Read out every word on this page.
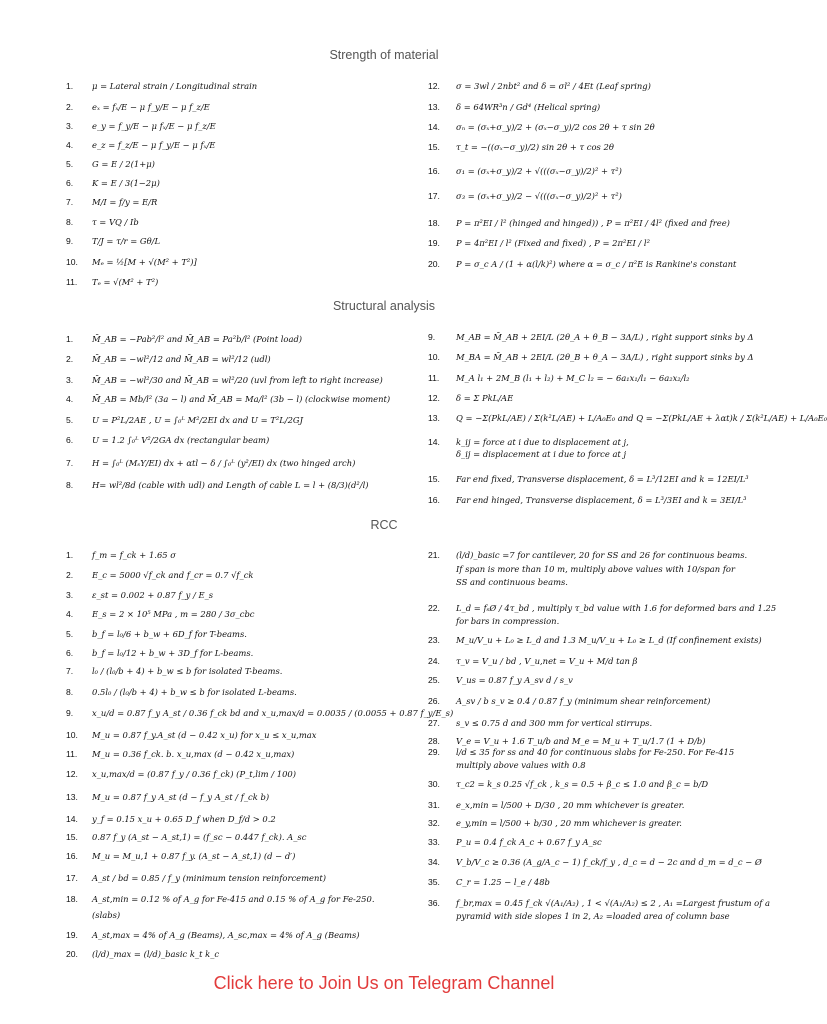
Strength of material
1.	μ = Lateral strain / Longitudinal strain
2.	eₓ = fₓ/E − μ f_y/E − μ f_z/E
3.	e_y = f_y/E − μ fₓ/E − μ f_z/E
4.	e_z = f_z/E − μ f_y/E − μ fₓ/E
5.	G = E / 2(1+μ)
6.	K = E / 3(1−2μ)
7.	M/I = f/y = E/R
8.	τ = VQ / Ib
9.	T/J = τ/r = Gθ/L
10.	Mₑ = ½[M + √(M² + T²)]
11.	Tₑ = √(M² + T²)
12.	σ = 3wl / 2nbt² and δ = σl² / 4Et (Leaf spring)
13.	δ = 64WR³n / Gd⁴ (Helical spring)
14.	σₙ = (σₓ+σ_y)/2 + (σₓ−σ_y)/2 cos 2θ + τ sin 2θ
15.	τ_t = −((σₓ−σ_y)/2) sin 2θ + τ cos 2θ
16.	σ₁ = (σₓ+σ_y)/2 + √(((σₓ−σ_y)/2)² + τ²)
17.	σ₃ = (σₓ+σ_y)/2 − √(((σₓ−σ_y)/2)² + τ²)
18.	P = π²EI / l² (hinged and hinged)) , P = π²EI / 4l² (fixed and free)
19.	P = 4π²EI / l² (Fixed and fixed) , P = 2π²EI / l²
20.	P = σ_c A / (1 + α(l/k)²) where α = σ_c / π²E is Rankine's constant
Structural analysis
1.	M̄_AB = −Pab²/l² and M̄_AB = Pa²b/l² (Point load)
2.	M̄_AB = −wl²/12 and M̄_AB = wl²/12 (udl)
3.	M̄_AB = −wl²/30 and M̄_AB = wl²/20 (uvl from left to right increase)
4.	M̄_AB = Mb/l² (3a − l) and M̄_AB = Ma/l² (3b − l) (clockwise moment)
5.	U = P²L/2AE , U = ∫₀ᴸ M²/2EI dx and U = T²L/2GJ
6.	U = 1.2 ∫₀ᴸ V²/2GA dx (rectangular beam)
7.	H = ∫₀ᴸ (MₛY/EI) dx + αtl − δ / ∫₀ᴸ (y²/EI) dx (two hinged arch)
8.	H= wl²/8d (cable with udl) and Length of cable L = l + (8/3)(d²/l)
9.	M_AB = M̄_AB + 2EI/L (2θ_A + θ_B − 3Δ/L) , right support sinks by Δ
10.	M_BA = M̄_AB + 2EI/L (2θ_B + θ_A − 3Δ/L) , right support sinks by Δ
11.	M_A l₁ + 2M_B (l₁ + l₂) + M_C l₂ = − 6a₁x₁/l₁ − 6a₂x₂/l₂
12.	δ = Σ PkL/AE
13.	Q = −Σ(PkL/AE) / Σ(k²L/AE) + L/A₀E₀ and Q = −Σ(PkL/AE + λαt)k / Σ(k²L/AE) + L/A₀E₀
14.	k_ij = force at i due to displacement at j,
δ_ij = displacement at i due to force at j
15.	Far end fixed, Transverse displacement, δ = L³/12EI and k = 12EI/L³
16.	Far end hinged, Transverse displacement, δ = L³/3EI and k = 3EI/L³
RCC
1.	f_m = f_ck + 1.65 σ
2.	E_c = 5000 √f_ck and f_cr = 0.7 √f_ck
3.	ε_st = 0.002 + 0.87 f_y / E_s
4.	E_s = 2 × 10⁵ MPa , m = 280 / 3σ_cbc
5.	b_f = l₀/6 + b_w + 6D_f for T-beams.
6.	b_f = l₀/12 + b_w + 3D_f for L-beams.
7.	l₀ / (l₀/b + 4) + b_w ≤ b for isolated T-beams.
8.	0.5l₀ / (l₀/b + 4) + b_w ≤ b for isolated L-beams.
9.	x_u/d = 0.87 f_y A_st / 0.36 f_ck bd and x_u,max/d = 0.0035 / (0.0055 + 0.87 f_y/E_s)
10.	M_u = 0.87 f_y.A_st (d − 0.42 x_u) for x_u ≤ x_u,max
11.	M_u = 0.36 f_ck. b. x_u,max (d − 0.42 x_u,max)
12.	x_u,max/d = (0.87 f_y / 0.36 f_ck) (P_t,lim / 100)
13.	M_u = 0.87 f_y A_st (d − f_y A_st / f_ck b)
14.	y_f = 0.15 x_u + 0.65 D_f when D_f/d > 0.2
15.	0.87 f_y (A_st − A_st,1) = (f_sc − 0.447 f_ck). A_sc
16.	M_u = M_u,1 + 0.87 f_y. (A_st − A_st,1) (d − d′)
17.	A_st / bd = 0.85 / f_y (minimum tension reinforcement)
18.	A_st,min = 0.12 % of A_g for Fe-415 and 0.15 % of A_g for Fe-250.
(slabs)
19.	A_st,max = 4% of A_g (Beams), A_sc,max = 4% of A_g (Beams)
20.	(l/d)_max = (l/d)_basic k_t k_c
21.	(l/d)_basic =7 for cantilever, 20 for SS and 26 for continuous beams.
If span is more than 10 m, multiply above values with 10/span for
SS and continuous beams.
22.	L_d = fₛØ / 4τ_bd , multiply τ_bd value with 1.6 for deformed bars and 1.25
for bars in compression.
23.	M_u/V_u + L₀ ≥ L_d and 1.3 M_u/V_u + L₀ ≥ L_d (If confinement exists)
24.	τ_v = V_u / bd , V_u,net = V_u + M/d tan β
25.	V_us = 0.87 f_y A_sv d / s_v
26.	A_sv / b s_v ≥ 0.4 / 0.87 f_y (minimum shear reinforcement)
27.	s_v ≤ 0.75 d and 300 mm for vertical stirrups.
28.	V_e = V_u + 1.6 T_u/b and M_e = M_u + T_u/1.7 (1 + D/b)
29.	l/d ≤ 35 for ss and 40 for continuous slabs for Fe-250. For Fe-415
multiply above values with 0.8
30.	τ_c2 = k_s 0.25 √f_ck , k_s = 0.5 + β_c ≤ 1.0 and β_c = b/D
31.	e_x,min = l/500 + D/30 , 20 mm whichever is greater.
32.	e_y,min = l/500 + b/30 , 20 mm whichever is greater.
33.	P_u = 0.4 f_ck A_c + 0.67 f_y A_sc
34.	V_b/V_c ≥ 0.36 (A_g/A_c − 1) f_ck/f_y , d_c = d − 2c and d_m = d_c − Ø
35.	C_r = 1.25 − l_e / 48b
36.	f_br,max = 0.45 f_ck √(A₁/A₂) , 1 < √(A₁/A₂) ≤ 2 , A₁ =Largest frustum of a
pyramid with side slopes 1 in 2, A₂ =loaded area of column base
Click here to Join Us on Telegram Channel
